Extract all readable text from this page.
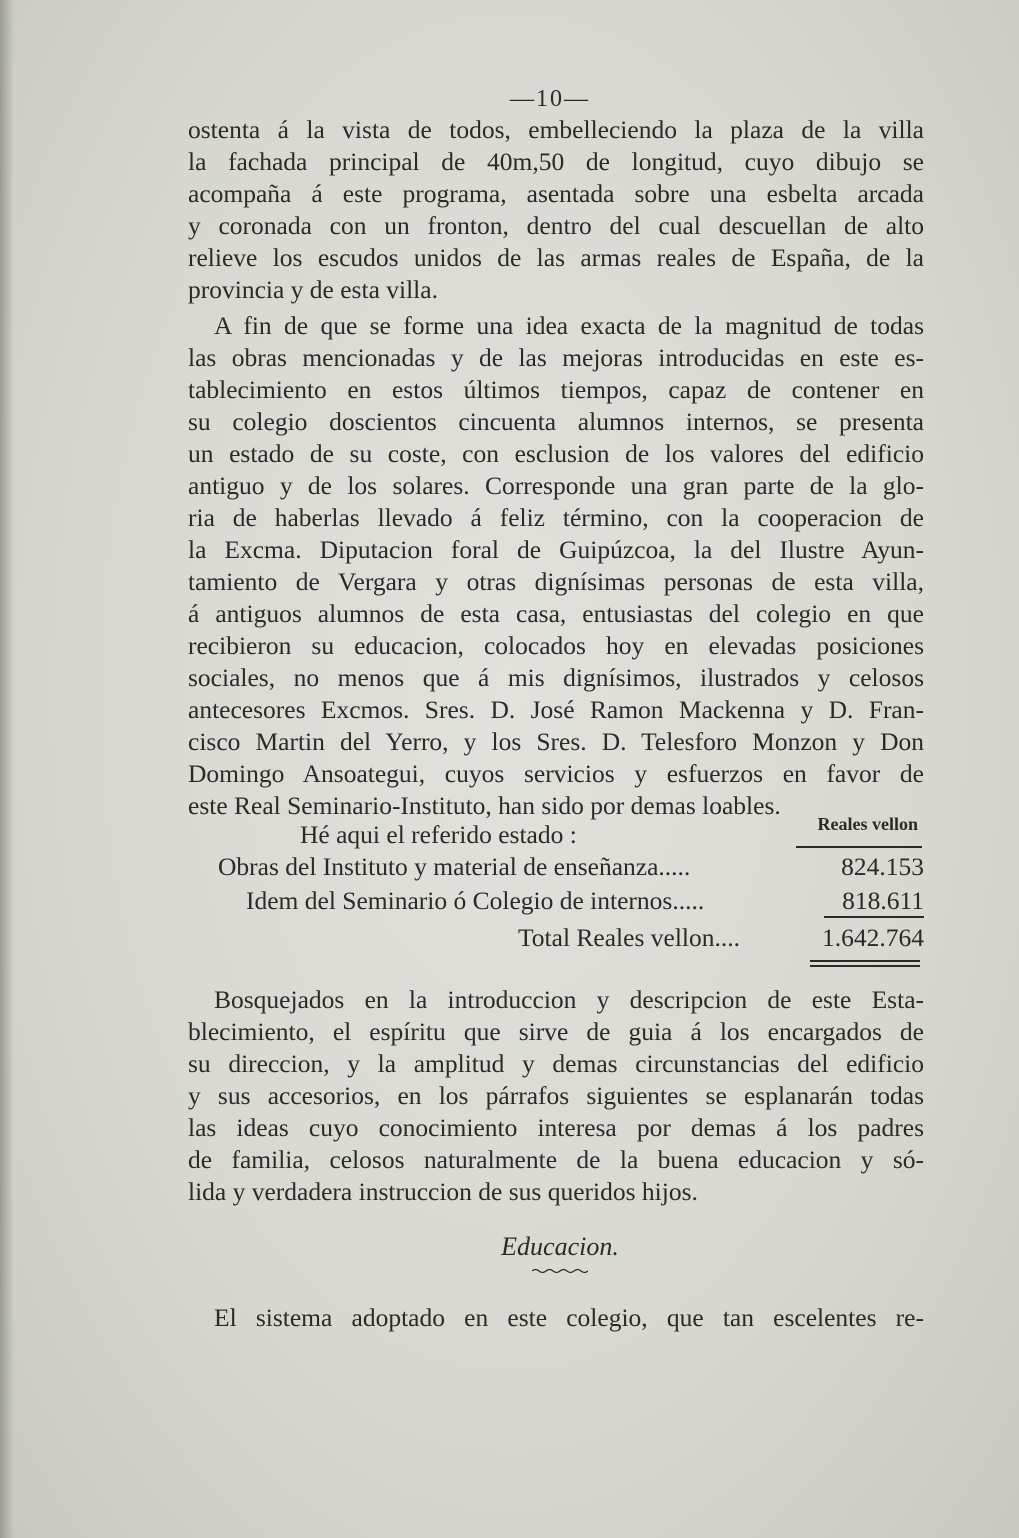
—10—
ostenta á la vista de todos, embelleciendo la plaza de la villa
la fachada principal de 40m,50 de longitud, cuyo dibujo se
acompaña á este programa, asentada sobre una esbelta arcada
y coronada con un fronton, dentro del cual descuellan de alto
relieve los escudos unidos de las armas reales de España, de la
provincia y de esta villa.
A fin de que se forme una idea exacta de la magnitud de todas
las obras mencionadas y de las mejoras introducidas en este es-
tablecimiento en estos últimos tiempos, capaz de contener en
su colegio doscientos cincuenta alumnos internos, se presenta
un estado de su coste, con esclusion de los valores del edificio
antiguo y de los solares. Corresponde una gran parte de la glo-
ria de haberlas llevado á feliz término, con la cooperacion de
la Excma. Diputacion foral de Guipúzcoa, la del Ilustre Ayun-
tamiento de Vergara y otras dignísimas personas de esta villa,
á antiguos alumnos de esta casa, entusiastas del colegio en que
recibieron su educacion, colocados hoy en elevadas posiciones
sociales, no menos que á mis dignísimos, ilustrados y celosos
antecesores Excmos. Sres. D. José Ramon Mackenna y D. Fran-
cisco Martin del Yerro, y los Sres. D. Telesforo Monzon y Don
Domingo Ansoategui, cuyos servicios y esfuerzos en favor de
este Real Seminario-Instituto, han sido por demas loables.
Hé aqui el referido estado :	Reales vellon
Obras del Instituto y material de enseñanza.....	824.153
Idem del Seminario ó Colegio de internos.....	818.611
Total Reales vellon....	1.642.764
Bosquejados en la introduccion y descripcion de este Esta-
blecimiento, el espíritu que sirve de guia á los encargados de
su direccion, y la amplitud y demas circunstancias del edificio
y sus accesorios, en los párrafos siguientes se esplanarán todas
las ideas cuyo conocimiento interesa por demas á los padres
de familia, celosos naturalmente de la buena educacion y só-
lida y verdadera instruccion de sus queridos hijos.
Educacion.
El sistema adoptado en este colegio, que tan escelentes re-
